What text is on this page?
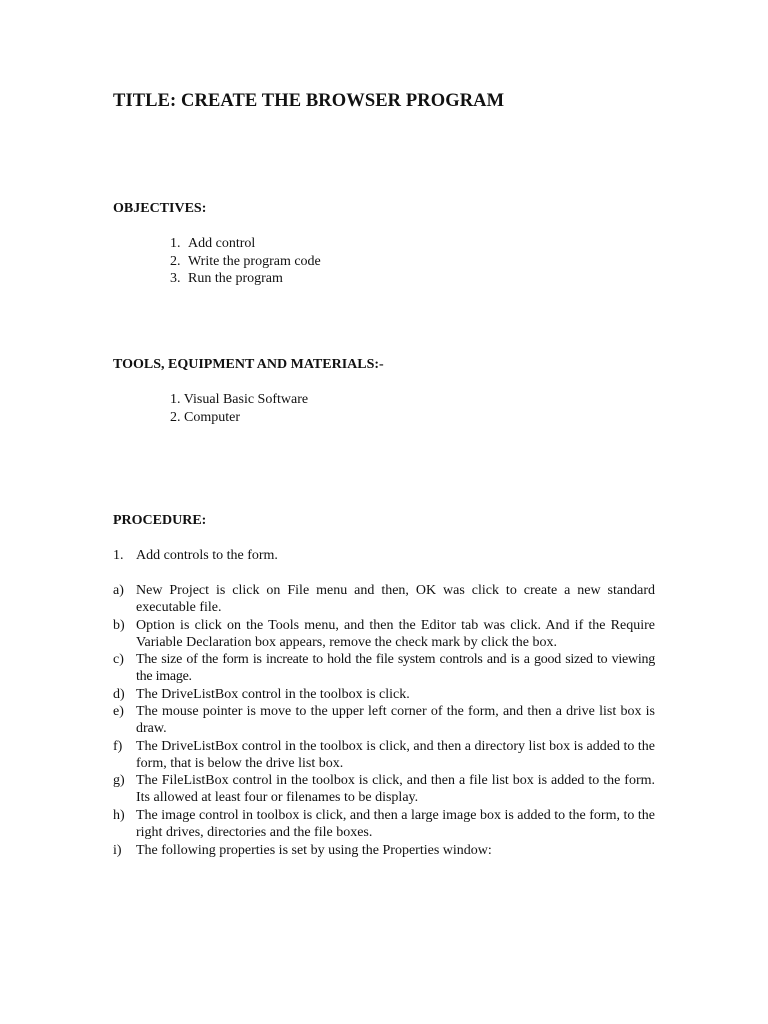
TITLE: CREATE THE BROWSER PROGRAM
OBJECTIVES:
1. Add control
2. Write the program code
3. Run the program
TOOLS, EQUIPMENT AND MATERIALS:-
1. Visual Basic Software
2. Computer
PROCEDURE:
1. Add controls to the form.
a) New Project is click on File menu and then, OK was click to create a new standard executable file.
b) Option is click on the Tools menu, and then the Editor tab was click. And if the Require Variable Declaration box appears, remove the check mark by click the box.
c) The size of the form is increate to hold the file system controls and is a good sized to viewing the image.
d) The DriveListBox control in the toolbox is click.
e) The mouse pointer is move to the upper left corner of the form, and then a drive list box is draw.
f) The DriveListBox control in the toolbox is click, and then a directory list box is added to the form, that is below the drive list box.
g) The FileListBox control in the toolbox is click, and then a file list box is added to the form. Its allowed at least four or filenames to be display.
h) The image control in toolbox is click, and then a large image box is added to the form, to the right drives, directories and the file boxes.
i) The following properties is set by using the Properties window:
